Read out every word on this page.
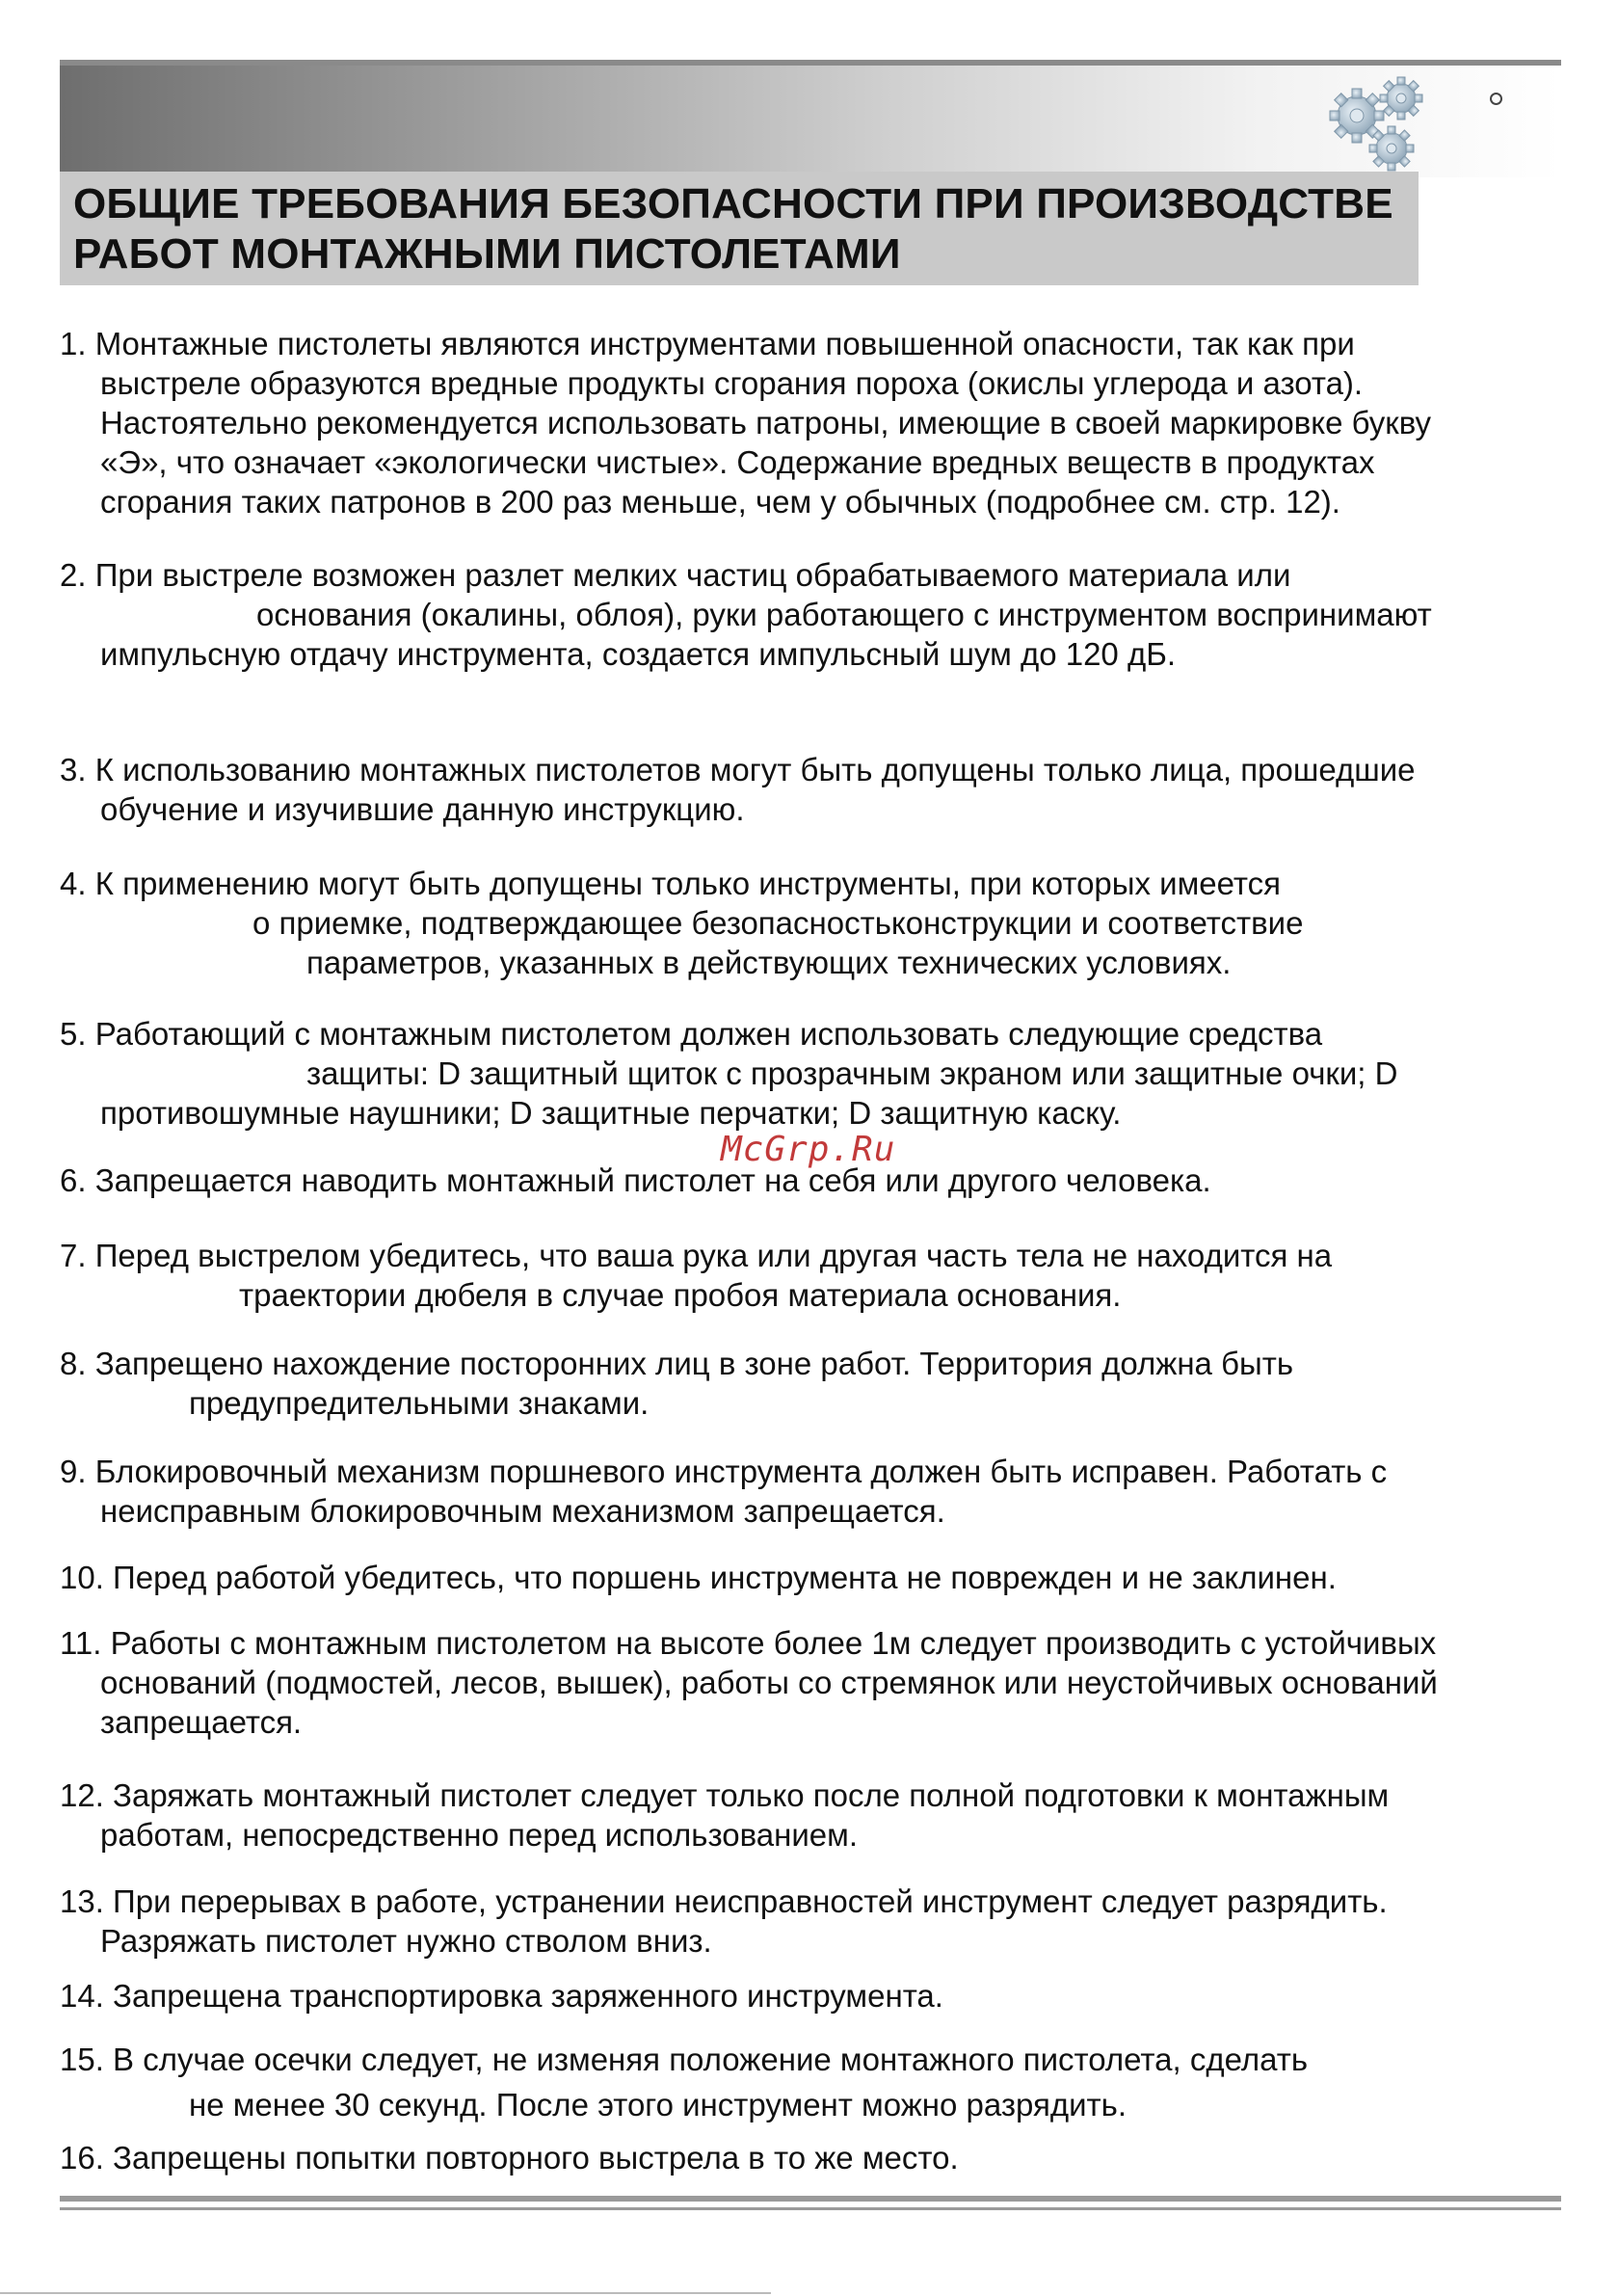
ОБЩИЕ ТРЕБОВАНИЯ БЕЗОПАСНОСТИ ПРИ ПРОИЗВОДСТВЕ
РАБОТ МОНТАЖНЫМИ ПИСТОЛЕТАМИ
1. Монтажные пистолеты являются инструментами повышенной опасности, так как при
выстреле образуются вредные продукты сгорания пороха (окислы углерода и азота).
Настоятельно рекомендуется использовать патроны, имеющие в своей маркировке букву
«Э», что означает «экологически чистые». Содержание вредных веществ в продуктах
сгорания таких патронов в 200 раз меньше, чем у обычных (подробнее см. стр. 12).
2. При выстреле возможен разлет мелких частиц обрабатываемого материала или
основания (окалины, облоя), руки работающего с инструментом воспринимают
импульсную отдачу инструмента, создается импульсный шум до 120 дБ.
3. К использованию монтажных пистолетов могут быть допущены только лица, прошедшие
обучение и изучившие данную инструкцию.
4. К применению могут быть допущены только инструменты, при которых имеется
о приемке, подтверждающее безопасностьконструкции и соответствие
параметров, указанных в действующих технических условиях.
5. Работающий с монтажным пистолетом должен использовать следующие средства
защиты: D защитный щиток с прозрачным экраном или защитные очки; D
противошумные наушники; D защитные перчатки; D защитную каску.
6. Запрещается наводить монтажный пистолет на себя или другого человека.
7. Перед выстрелом убедитесь, что ваша рука или другая часть тела не находится на
траектории дюбеля в случае пробоя материала основания.
8. Запрещено нахождение посторонних лиц в зоне работ. Территория должна быть
предупредительными знаками.
9. Блокировочный механизм поршневого инструмента должен быть исправен. Работать с
неисправным блокировочным механизмом запрещается.
10. Перед работой убедитесь, что поршень инструмента не поврежден и не заклинен.
11. Работы с монтажным пистолетом на высоте более 1м следует производить с устойчивых
оснований (подмостей, лесов, вышек), работы со стремянок или неустойчивых оснований
запрещается.
12. Заряжать монтажный пистолет следует только после полной подготовки к монтажным
работам, непосредственно перед использованием.
13. При перерывах в работе, устранении неисправностей инструмент следует разрядить.
Разряжать пистолет нужно стволом вниз.
14. Запрещена транспортировка заряженного инструмента.
15. В случае осечки следует, не изменяя положение монтажного пистолета, сделать
не менее 30 секунд. После этого инструмент можно разрядить.
16. Запрещены попытки повторного выстрела в то же место.
McGrp.Ru
